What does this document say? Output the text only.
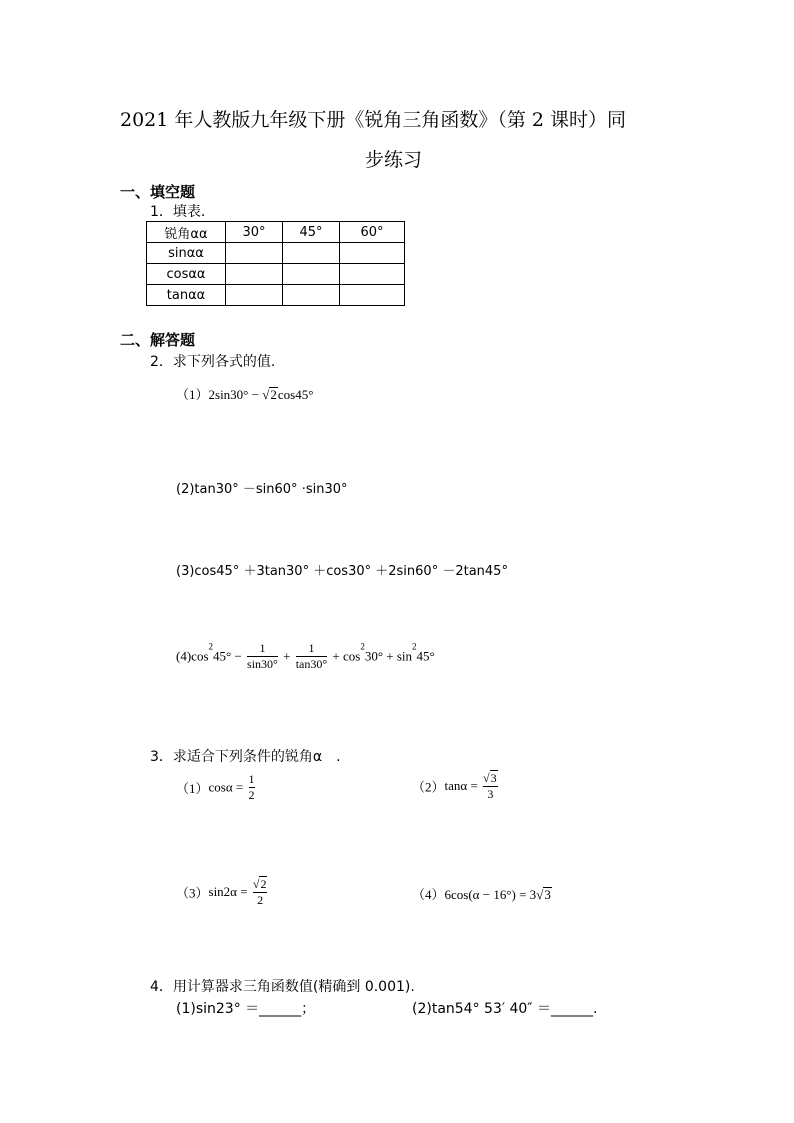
2021 年人教版九年级下册《锐角三角函数》（第 2 课时）同
步练习
一、填空题
1．填表.
锐角αα	30°	45°	60°
sinαα			
cosαα			
tanαα			
二、解答题
2．求下列各式的值.
（1）2sin30° − √2cos45°
(2)tan30° －sin60° ·sin30°
(3)cos45° ＋3tan30° ＋cos30° ＋2sin60° －2tan45°
$(4)\cos^245^\circ - \frac{1}{\sin 30^\circ} + \frac{1}{\tan 30^\circ} + \cos^230^\circ + \sin^245^\circ$
3．求适合下列条件的锐角α　.
$(1)\cos\alpha = \frac{1}{2}$	$(2)\tan\alpha = \frac{√3}{3}$
$(3)\sin 2\alpha = \frac{√2}{2}$	（4）6cos(α − 16°) = 3√3
4．用计算器求三角函数值(精确到 0.001).
(1)sin23° ＝______；	(2)tan54° 53′ 40″ ＝______.
